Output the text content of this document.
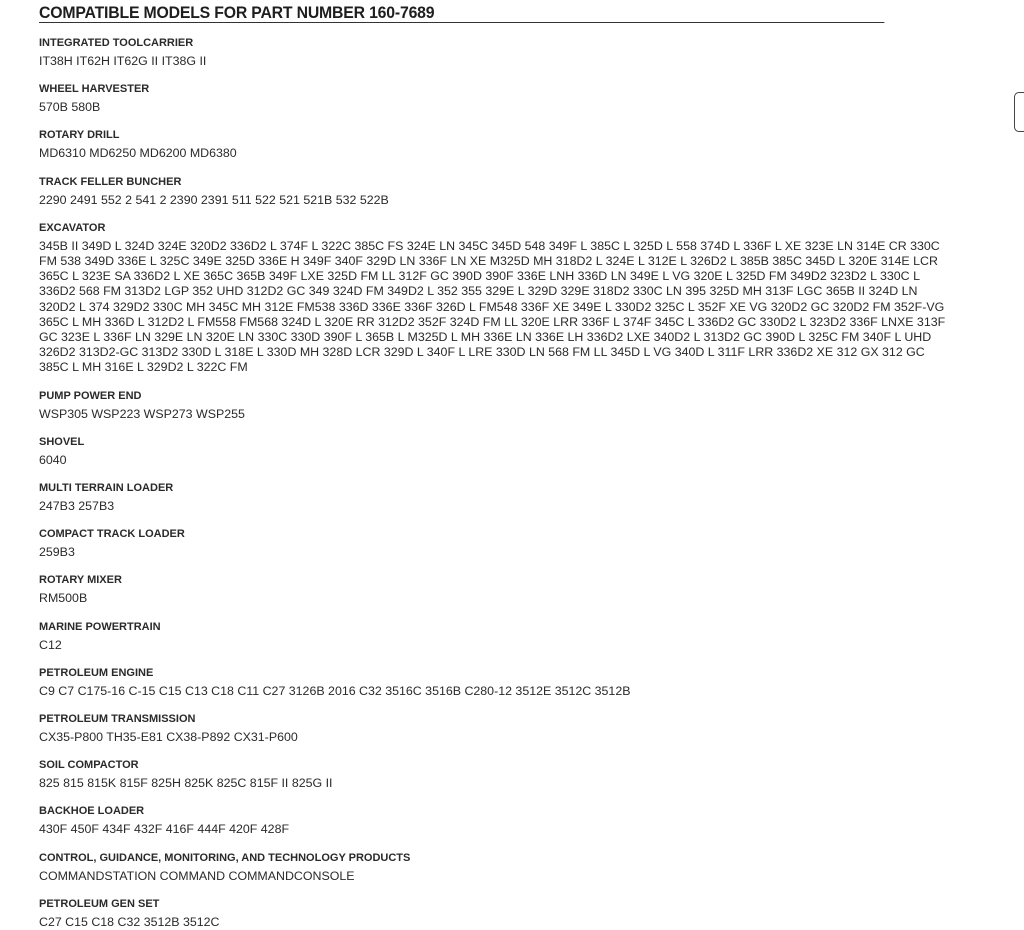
COMPATIBLE MODELS FOR PART NUMBER 160-7689
INTEGRATED TOOLCARRIER
IT38H IT62H IT62G II IT38G II
WHEEL HARVESTER
570B 580B
ROTARY DRILL
MD6310 MD6250 MD6200 MD6380
TRACK FELLER BUNCHER
2290 2491 552 2 541 2 2390 2391 511 522 521 521B 532 522B
EXCAVATOR
345B II 349D L 324D 324E 320D2 336D2 L 374F L 322C 385C FS 324E LN 345C 345D 548 349F L 385C L 325D L 558 374D L 336F L XE 323E LN 314E CR 330C FM 538 349D 336E L 325C 349E 325D 336E H 349F 340F 329D LN 336F LN XE M325D MH 318D2 L 324E L 312E L 326D2 L 385B 385C 345D L 320E 314E LCR 365C L 323E SA 336D2 L XE 365C 365B 349F LXE 325D FM LL 312F GC 390D 390F 336E LNH 336D LN 349E L VG 320E L 325D FM 349D2 323D2 L 330C L 336D2 568 FM 313D2 LGP 352 UHD 312D2 GC 349 324D FM 349D2 L 352 355 329E L 329D 329E 318D2 330C LN 395 325D MH 313F LGC 365B II 324D LN 320D2 L 374 329D2 330C MH 345C MH 312E FM538 336D 336E 336F 326D L FM548 336F XE 349E L 330D2 325C L 352F XE VG 320D2 GC 320D2 FM 352F-VG 365C L MH 336D L 312D2 L FM558 FM568 324D L 320E RR 312D2 352F 324D FM LL 320E LRR 336F L 374F 345C L 336D2 GC 330D2 L 323D2 336F LNXE 313F GC 323E L 336F LN 329E LN 320E LN 330C 330D 390F L 365B L M325D L MH 336E LN 336E LH 336D2 LXE 340D2 L 313D2 GC 390D L 325C FM 340F L UHD 326D2 313D2-GC 313D2 330D L 318E L 330D MH 328D LCR 329D L 340F L LRE 330D LN 568 FM LL 345D L VG 340D L 311F LRR 336D2 XE 312 GX 312 GC 385C L MH 316E L 329D2 L 322C FM
PUMP POWER END
WSP305 WSP223 WSP273 WSP255
SHOVEL
6040
MULTI TERRAIN LOADER
247B3 257B3
COMPACT TRACK LOADER
259B3
ROTARY MIXER
RM500B
MARINE POWERTRAIN
C12
PETROLEUM ENGINE
C9 C7 C175-16 C-15 C15 C13 C18 C11 C27 3126B 2016 C32 3516C 3516B C280-12 3512E 3512C 3512B
PETROLEUM TRANSMISSION
CX35-P800 TH35-E81 CX38-P892 CX31-P600
SOIL COMPACTOR
825 815 815K 815F 825H 825K 825C 815F II 825G II
BACKHOE LOADER
430F 450F 434F 432F 416F 444F 420F 428F
CONTROL, GUIDANCE, MONITORING, AND TECHNOLOGY PRODUCTS
COMMANDSTATION COMMAND COMMANDCONSOLE
PETROLEUM GEN SET
C27 C15 C18 C32 3512B 3512C
